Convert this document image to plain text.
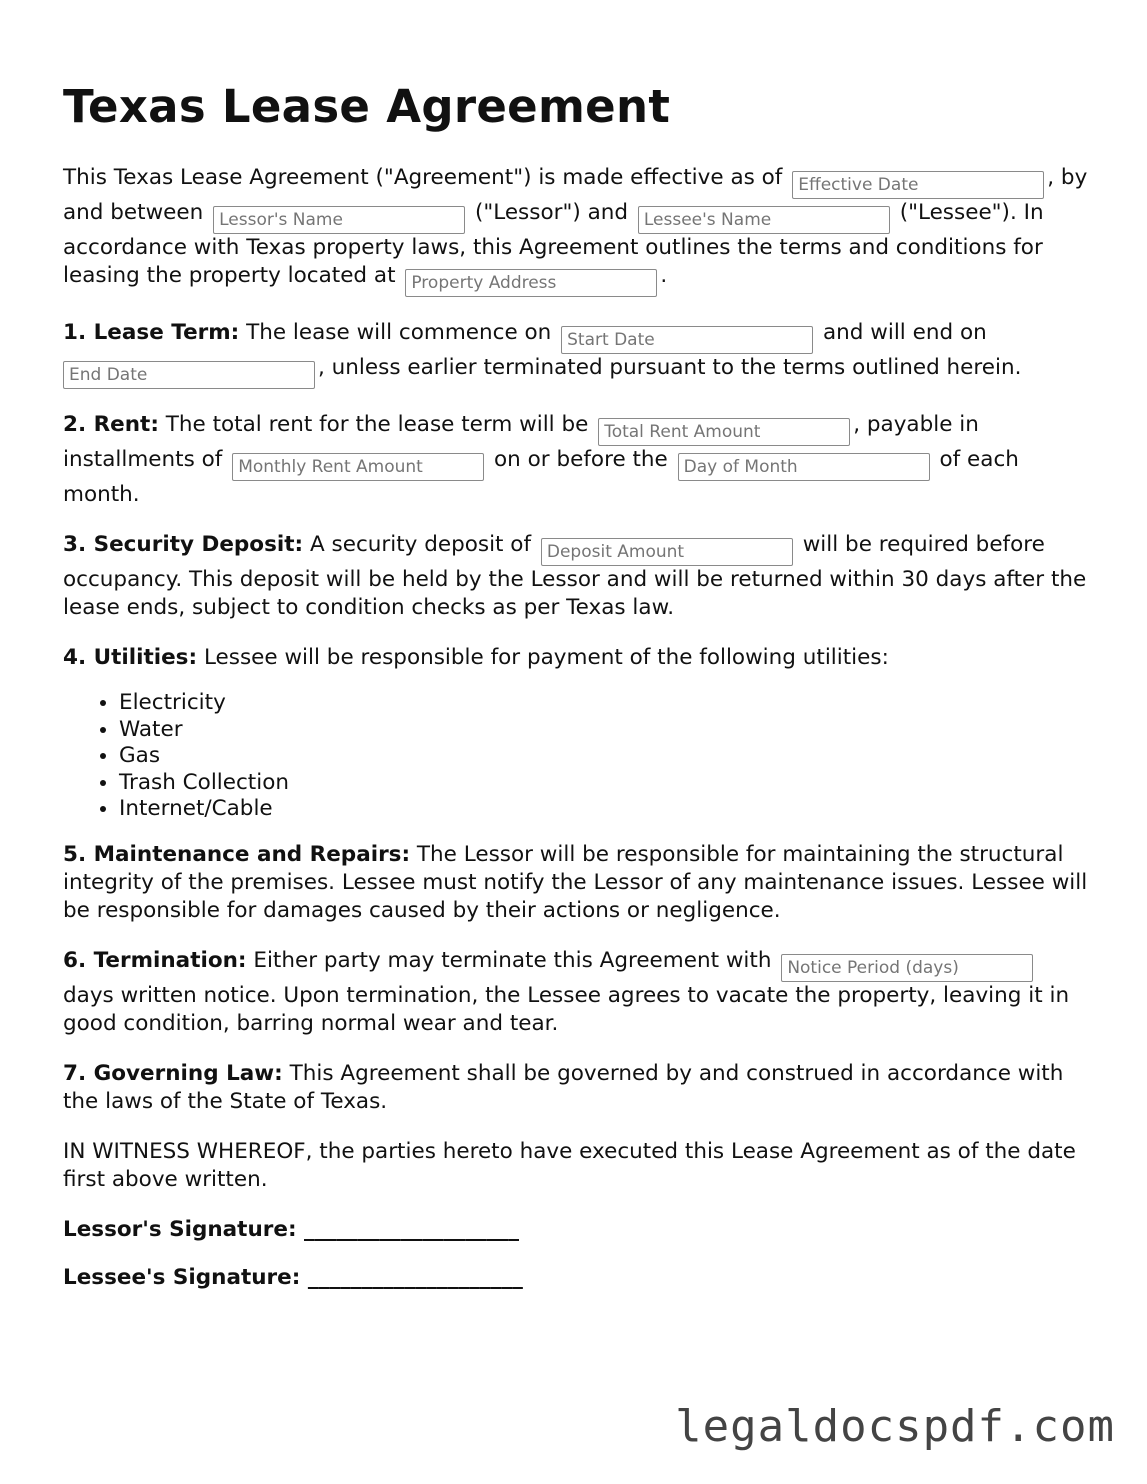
Texas Lease Agreement

This Texas Lease Agreement ("Agreement") is made effective as of Effective Date	, by and between Lessor's Name	("Lessor") and Lessee's Name	("Lessee"). In accordance with Texas property laws, this Agreement outlines the terms and conditions for leasing the property located at Property Address	.

1. Lease Term: The lease will commence on Start Date	and will end on End Date, unless earlier terminated pursuant to the terms outlined herein.

2. Rent: The total rent for the lease term will be Total Rent Amount	, payable in installments of Monthly Rent Amount	on or before the Day of Month	of each month.

3. Security Deposit: A security deposit of Deposit Amount	will be required before occupancy. This deposit will be held by the Lessor and will be returned within 30 days after the lease ends, subject to condition checks as per Texas law.

4. Utilities: Lessee will be responsible for payment of the following utilities:

• Electricity
• Water
• Gas
• Trash Collection
• Internet/Cable

5. Maintenance and Repairs: The Lessor will be responsible for maintaining the structural integrity of the premises. Lessee must notify the Lessor of any maintenance issues. Lessee will be responsible for damages caused by their actions or negligence.

6. Termination: Either party may terminate this Agreement with Notice Period (days) days written notice. Upon termination, the Lessee agrees to vacate the property, leaving it in good condition, barring normal wear and tear.

7. Governing Law: This Agreement shall be governed by and construed in accordance with the laws of the State of Texas.

IN WITNESS WHEREOF, the parties hereto have executed this Lease Agreement as of the date first above written.

Lessor's Signature: ____________________

Lessee's Signature: ____________________

legaldocspdf.com
